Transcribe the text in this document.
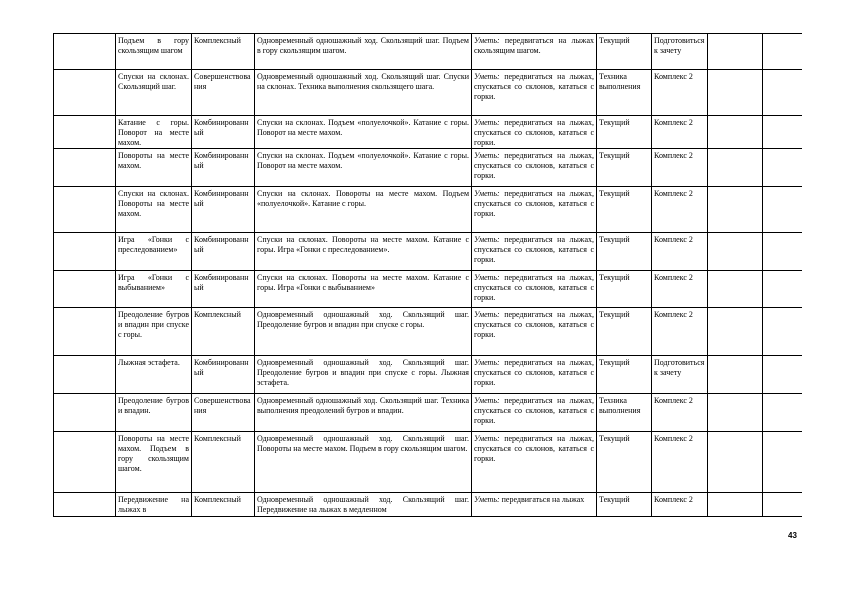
	Подъем в гору скользящим шагом	Комплексный	Одновременный одношажный ход. Скользящий шаг. Подъем в гору скользящим шагом.	Уметь: передвигаться на лыжах скользящим шагом.	Текущий	Подготовиться к зачету		
	Спуски на склонах. Скользящий шаг.	Совершенствования	Одновременный одношажный ход. Скользящий шаг. Спуски на склонах. Техника выполнения скользящего шага.	Уметь: передвигаться на лыжах, спускаться со склонов, кататься с горки.	Техника выполнения	Комплекс 2		
	Катание с горы. Поворот на месте махом.	Комбинированный	Спуски на склонах. Подъем «полуелочкой». Катание с горы. Поворот на месте махом.	Уметь: передвигаться на лыжах, спускаться со склонов, кататься с горки.	Текущий	Комплекс 2		
	Повороты на месте махом.	Комбинированный	Спуски на склонах. Подъем «полуелочкой». Катание с горы. Поворот на месте махом.	Уметь: передвигаться на лыжах, спускаться со склонов, кататься с горки.	Текущий	Комплекс 2		
	Спуски на склонах. Повороты на месте махом.	Комбинированный	Спуски на склонах. Повороты на месте махом. Подъем «полуелочкой». Катание с горы.	Уметь: передвигаться на лыжах, спускаться со склонов, кататься с горки.	Текущий	Комплекс 2		
	Игра «Гонки с преследованием»	Комбинированный	Спуски на склонах. Повороты на месте махом. Катание с горы. Игра «Гонки с преследованием».	Уметь: передвигаться на лыжах, спускаться со склонов, кататься с горки.	Текущий	Комплекс 2		
	Игра «Гонки с выбыванием»	Комбинированный	Спуски на склонах. Повороты на месте махом. Катание с горы. Игра «Гонки с выбыванием»	Уметь: передвигаться на лыжах, спускаться со склонов, кататься с горки.	Текущий	Комплекс 2		
	Преодоление бугров и впадин при спуске с горы.	Комплексный	Одновременный одношажный ход. Скользящий шаг. Преодоление бугров и впадин при спуске с горы.	Уметь: передвигаться на лыжах, спускаться со склонов, кататься с горки.	Текущий	Комплекс 2		
	Лыжная эстафета.	Комбинированный	Одновременный одношажный ход. Скользящий шаг. Преодоление бугров и впадин при спуске с горы. Лыжная эстафета.	Уметь: передвигаться на лыжах, спускаться со склонов, кататься с горки.	Текущий	Подготовиться к зачету		
	Преодоление бугров и впадин.	Совершенствования	Одновременный одношажный ход. Скользящий шаг. Техника выполнения преодолений бугров и впадин.	Уметь: передвигаться на лыжах, спускаться со склонов, кататься с горки.	Техника выполнения	Комплекс 2		
	Повороты на месте махом. Подъем в гору скользящим шагом.	Комплексный	Одновременный одношажный ход. Скользящий шаг. Повороты на месте махом. Подъем в гору скользящим шагом.	Уметь: передвигаться на лыжах, спускаться со склонов, кататься с горки.	Текущий	Комплекс 2		
	Передвижение на лыжах в	Комплексный	Одновременный одношажный ход. Скользящий шаг. Передвижение на лыжах в медленном	Уметь: передвигаться на лыжах	Текущий	Комплекс 2		
43
